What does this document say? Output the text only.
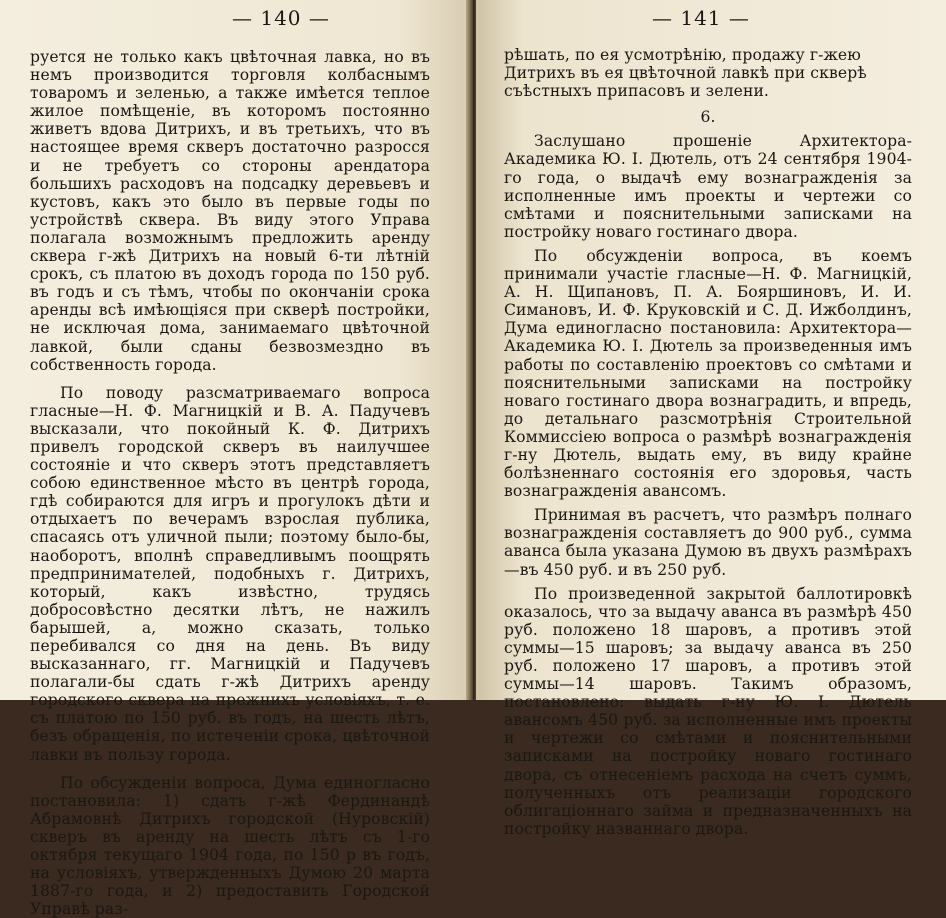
— 140 —

руется не только какъ цвѣточная лавка, но въ немъ производится торговля колбаснымъ товаромъ и зеленью, а также имѣется теплое жилое помѣщеніе, въ которомъ постоянно живетъ вдова Дитрихъ, и въ третьихъ, что въ настоящее время скверъ достаточно разросся и не требуетъ со стороны арендатора большихъ расходовъ на подсадку деревьевъ и кустовъ, какъ это было въ первые годы по устройствѣ сквера. Въ виду этого Управа полагала возможнымъ предложить аренду сквера г-жѣ Дитрихъ на новый 6-ти лѣтній срокъ, съ платою въ доходъ города по 150 руб. въ годъ и съ тѣмъ, чтобы по окончаніи срока аренды всѣ имѣющіяся при скверѣ постройки, не исключая дома, занимаемаго цвѣточной лавкой, были сданы безвозмездно въ собственность города.

По поводу разсматриваемаго вопроса гласные—Н. Ф. Магницкій и В. А. Падучевъ высказали, что покойный К. Ф. Дитрихъ привелъ городской скверъ въ наилучшее состояніе и что скверъ этотъ представляетъ собою единственное мѣсто въ центрѣ города, гдѣ собираются для игръ и прогулокъ дѣти и отдыхаетъ по вечерамъ взрослая публика, спасаясь отъ уличной пыли; поэтому было-бы, наоборотъ, вполнѣ справедливымъ поощрять предпринимателей, подобныхъ г. Дитрихъ, который, какъ извѣстно, трудясь добросовѣстно десятки лѣтъ, не нажилъ барышей, а, можно сказать, только перебивался со дня на день. Въ виду высказаннаго, гг. Магницкій и Падучевъ полагали-бы сдать г-жѣ Дитрихъ аренду городского сквера на прежнихъ условіяхъ, т. е. съ платою по 150 руб. въ годъ, на шесть лѣтъ, безъ обращенія, по истеченіи срока, цвѣточной лавки въ пользу города.

По обсужденіи вопроса, Дума единогласно постановила: 1) сдать г-жѣ Фердинандѣ Абрамовнѣ Дитрихъ городской (Нуровскій) скверъ въ аренду на шесть лѣтъ съ 1-го октября текущаго 1904 года, по 150 р въ годъ, на условіяхъ, утвержденныхъ Думою 20 марта 1887-го года, и 2) предоставить Городской Управѣ раз-

— 141 —

рѣшать, по ея усмотрѣнію, продажу г-жею Дитрихъ въ ея цвѣточной лавкѣ при скверѣ съѣстныхъ припасовъ и зелени.

6.

Заслушано прошеніе Архитектора-Академика Ю. І. Дютель, отъ 24 сентября 1904-го года, о выдачѣ ему вознагражденія за исполненные имъ проекты и чертежи со смѣтами и пояснительными записками на постройку новаго гостинаго двора.

По обсужденіи вопроса, въ коемъ принимали участіе гласные—Н. Ф. Магницкій, А. Н. Щипановъ, П. А. Бояршиновъ, И. И. Симановъ, И. Ф. Круковскій и С. Д. Ижболдинъ, Дума единогласно постановила: Архитектора—Академика Ю. І. Дютель за произведенныя имъ работы по составленію проектовъ со смѣтами и пояснительными записками на постройку новаго гостинаго двора вознаградить, и впредь, до детальнаго разсмотрѣнія Строительной Коммиссіею вопроса о размѣрѣ вознагражденія г-ну Дютель, выдать ему, въ виду крайне болѣзненнаго состоянія его здоровья, часть вознагражденія авансомъ.

Принимая въ расчетъ, что размѣръ полнаго вознагражденія составляетъ до 900 руб., сумма аванса была указана Думою въ двухъ размѣрахъ—въ 450 руб. и въ 250 руб.

По произведенной закрытой баллотировкѣ оказалось, что за выдачу аванса въ размѣрѣ 450 руб. положено 18 шаровъ, а противъ этой суммы—15 шаровъ; за выдачу аванса въ 250 руб. положено 17 шаровъ, а противъ этой суммы—14 шаровъ. Такимъ образомъ, постановлено: выдать г-ну Ю. І. Дютель авансомъ 450 руб. за исполненные имъ проекты и чертежи со смѣтами и пояснительными записками на постройку новаго гостинаго двора, съ отнесеніемъ расхода на счетъ суммъ, полученныхъ отъ реализаціи городского облигаціоннаго займа и предназначенныхъ на постройку названнаго двора.
